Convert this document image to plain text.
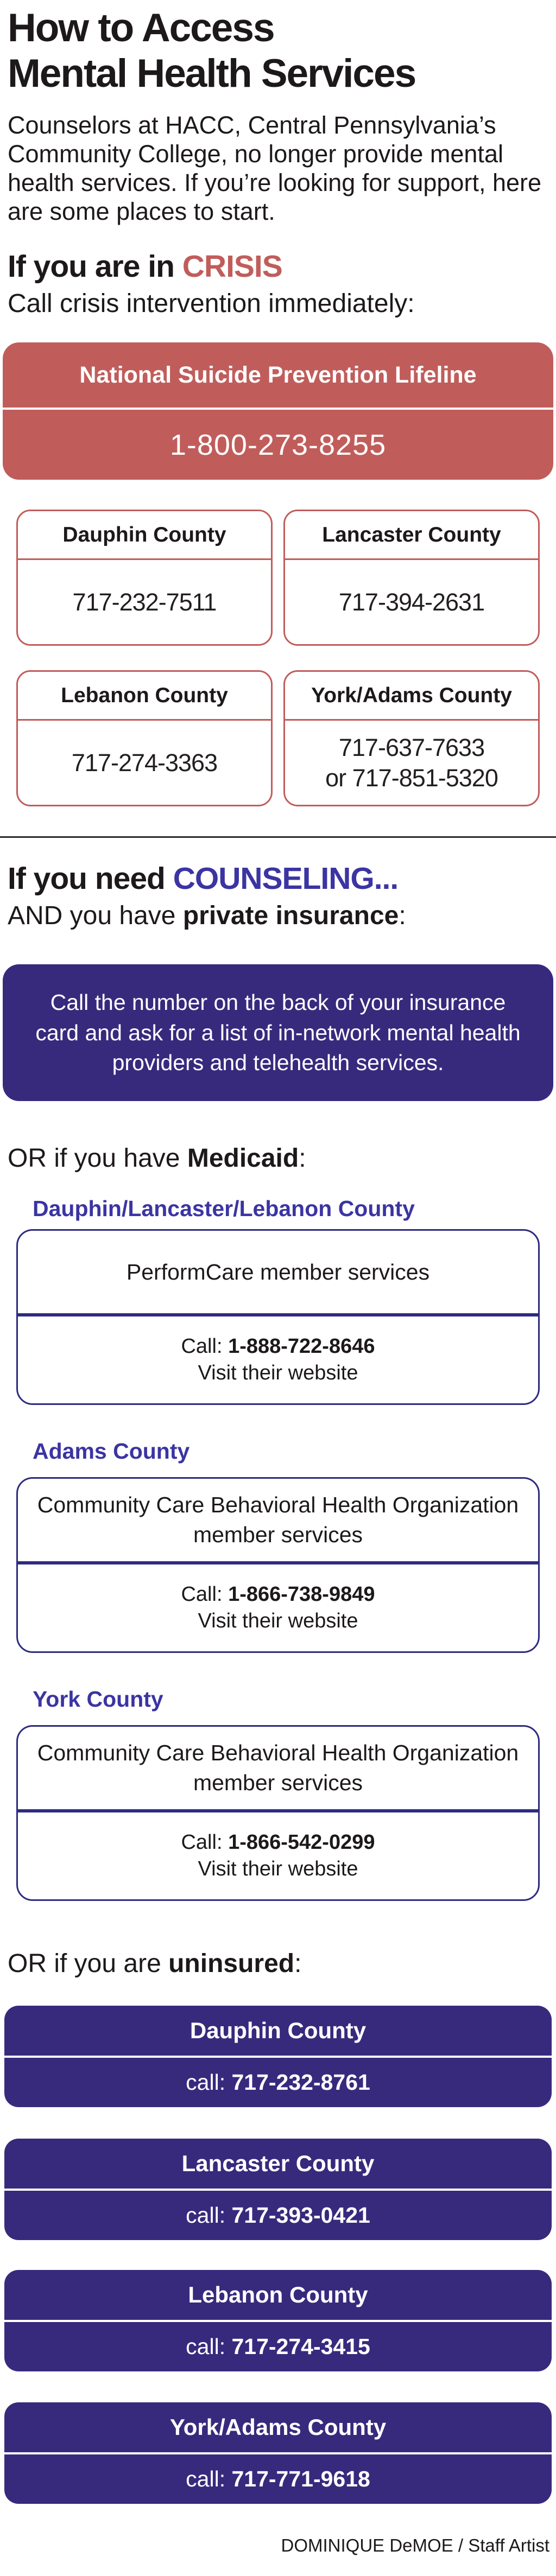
How to Access
Mental Health Services

Counselors at HACC, Central Pennsylvania’s Community College, no longer provide mental health services. If you’re looking for support, here are some places to start.

If you are in CRISIS
Call crisis intervention immediately:
National Suicide Prevention Lifeline
1-800-273-8255
Dauphin County
717-232-7511
Lancaster County
717-394-2631
Lebanon County
717-274-3363
York/Adams County
717-637-7633
or 717-851-5320
If you need COUNSELING...
AND you have private insurance:
Call the number on the back of your insurance card and ask for a list of in-network mental health providers and telehealth services.
OR if you have Medicaid:
Dauphin/Lancaster/Lebanon County
PerformCare member services
Call: 1-888-722-8646
Visit their website
Adams County
Community Care Behavioral Health Organization member services
Call: 1-866-738-9849
Visit their website
York County
Community Care Behavioral Health Organization member services
Call: 1-866-542-0299
Visit their website
OR if you are uninsured:
Dauphin County
call: 717-232-8761
Lancaster County
call: 717-393-0421
Lebanon County
call: 717-274-3415
York/Adams County
call: 717-771-9618
DOMINIQUE DeMOE / Staff Artist
